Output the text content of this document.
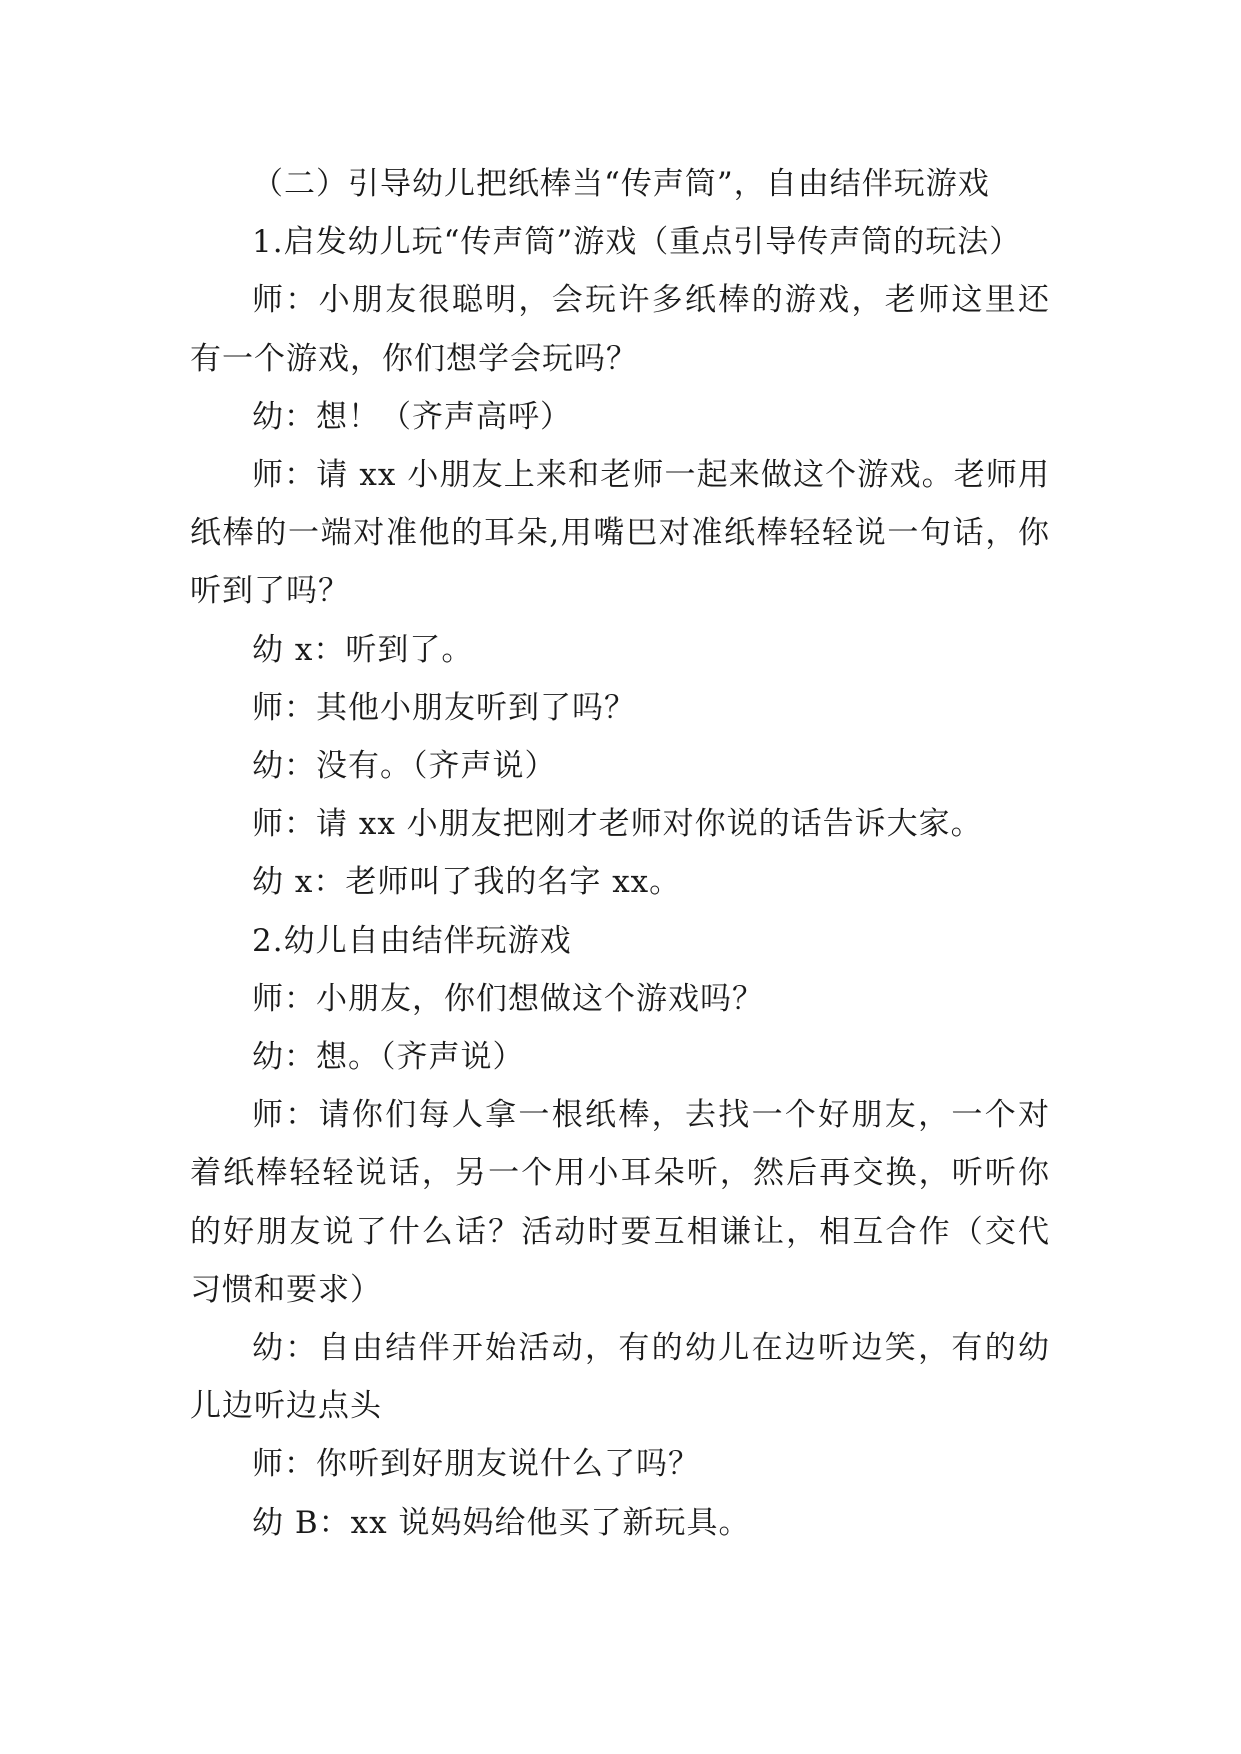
（二）引导幼儿把纸棒当“传声筒”，自由结伴玩游戏

1.启发幼儿玩“传声筒”游戏（重点引导传声筒的玩法）

师：小朋友很聪明，会玩许多纸棒的游戏，老师这里还有一个游戏，你们想学会玩吗？

幼：想！（齐声高呼）

师：请 xx 小朋友上来和老师一起来做这个游戏。老师用纸棒的一端对准他的耳朵,用嘴巴对准纸棒轻轻说一句话，你听到了吗？

幼 x：听到了。

师：其他小朋友听到了吗？

幼：没有。（齐声说）

师：请 xx 小朋友把刚才老师对你说的话告诉大家。

幼 x：老师叫了我的名字 xx。

2.幼儿自由结伴玩游戏

师：小朋友，你们想做这个游戏吗？

幼：想。（齐声说）

师：请你们每人拿一根纸棒，去找一个好朋友，一个对着纸棒轻轻说话，另一个用小耳朵听，然后再交换，听听你的好朋友说了什么话？活动时要互相谦让，相互合作（交代习惯和要求）

幼：自由结伴开始活动，有的幼儿在边听边笑，有的幼儿边听边点头

师：你听到好朋友说什么了吗？

幼 B：xx 说妈妈给他买了新玩具。
